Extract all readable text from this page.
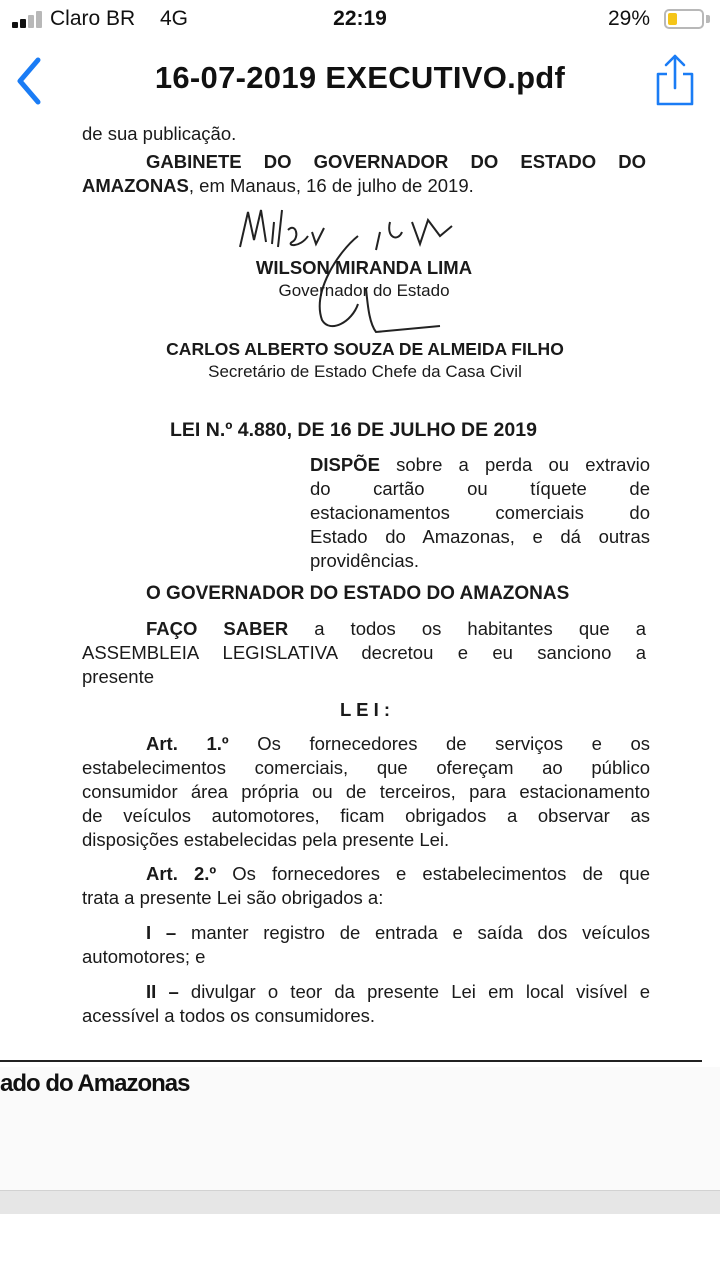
Claro BR 4G	22:19	29%
16-07-2019 EXECUTIVO.pdf
de sua publicação.
GABINETE DO GOVERNADOR DO ESTADO DO
AMAZONAS, em Manaus, 16 de julho de 2019.
WILSON MIRANDA LIMA
Governador do Estado
CARLOS ALBERTO SOUZA DE ALMEIDA FILHO
Secretário de Estado Chefe da Casa Civil
LEI N.º 4.880, DE 16 DE JULHO DE 2019
DISPÕE sobre a perda ou extravio
do cartão ou tíquete de
estacionamentos comerciais do
Estado do Amazonas, e dá outras
providências.
O GOVERNADOR DO ESTADO DO AMAZONAS
FAÇO SABER a todos os habitantes que a
ASSEMBLEIA LEGISLATIVA decretou e eu sanciono a
presente
L E I :
Art. 1.º Os fornecedores de serviços e os
estabelecimentos comerciais, que ofereçam ao público
consumidor área própria ou de terceiros, para estacionamento
de veículos automotores, ficam obrigados a observar as
disposições estabelecidas pela presente Lei.
Art. 2.º Os fornecedores e estabelecimentos de que
trata a presente Lei são obrigados a:
I – manter registro de entrada e saída dos veículos
automotores; e
II – divulgar o teor da presente Lei em local visível e
acessível a todos os consumidores.
ado do Amazonas
